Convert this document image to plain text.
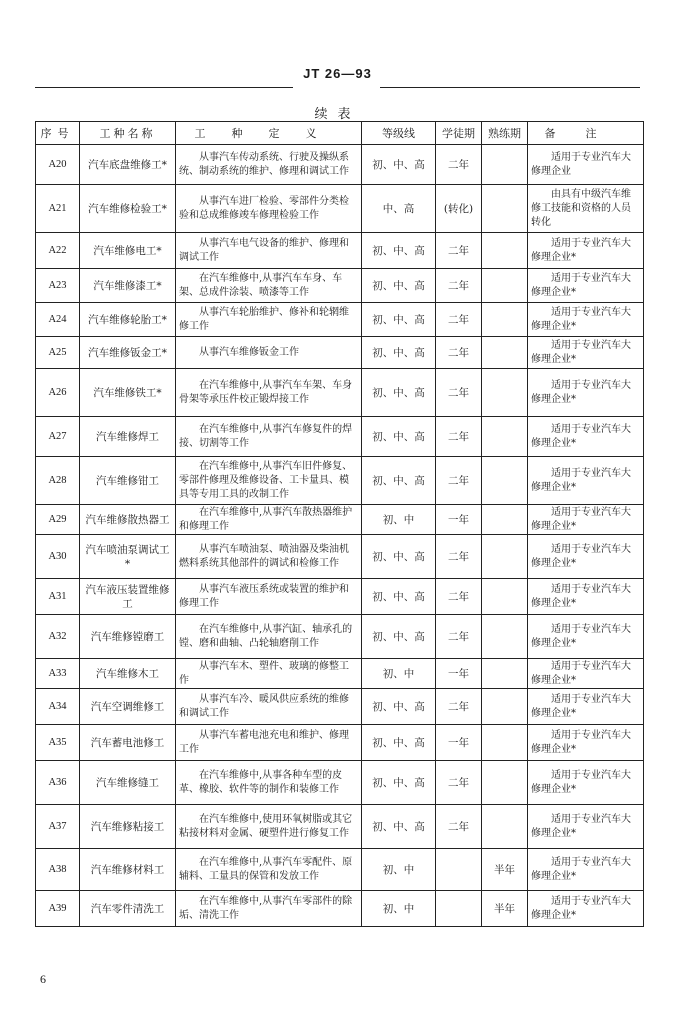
JT 26—93
续表
序号	工种名称	工种定义	等级线	学徒期	熟练期	备注
A20	汽车底盘维修工*	从事汽车传动系统、行驶及操纵系统、制动系统的维护、修理和调试工作	初、中、高	二年		适用于专业汽车大修理企业
A21	汽车维修检验工*	从事汽车进厂检验、零部件分类检验和总成维修竣车修理检验工作	中、高	(转化)		由具有中级汽车维修工技能和资格的人员转化
A22	汽车维修电工*	从事汽车电气设备的维护、修理和调试工作	初、中、高	二年		适用于专业汽车大修理企业*
A23	汽车维修漆工*	在汽车维修中,从事汽车车身、车架、总成件涂装、喷漆等工作	初、中、高	二年		适用于专业汽车大修理企业*
A24	汽车维修轮胎工*	从事汽车轮胎维护、修补和轮辋维修工作	初、中、高	二年		适用于专业汽车大修理企业*
A25	汽车维修钣金工*	从事汽车维修钣金工作	初、中、高	二年		适用于专业汽车大修理企业*
A26	汽车维修铁工*	在汽车维修中,从事汽车车架、车身骨架等承压件校正锻焊接工作	初、中、高	二年		适用于专业汽车大修理企业*
A27	汽车维修焊工	在汽车维修中,从事汽车修复件的焊接、切割等工作	初、中、高	二年		适用于专业汽车大修理企业*
A28	汽车维修钳工	在汽车维修中,从事汽车旧件修复、零部件修理及维修设备、工卡量具、模具等专用工具的改制工作	初、中、高	二年		适用于专业汽车大修理企业*
A29	汽车维修散热器工	在汽车维修中,从事汽车散热器维护和修理工作	初、中	一年		适用于专业汽车大修理企业*
A30	汽车喷油泵调试工*	从事汽车喷油泵、喷油器及柴油机燃料系统其他部件的调试和检修工作	初、中、高	二年		适用于专业汽车大修理企业*
A31	汽车液压装置维修工	从事汽车液压系统或装置的维护和修理工作	初、中、高	二年		适用于专业汽车大修理企业*
A32	汽车维修镗磨工	在汽车维修中,从事汽缸、轴承孔的镗、磨和曲轴、凸轮轴磨削工作	初、中、高	二年		适用于专业汽车大修理企业*
A33	汽车维修木工	从事汽车木、塑件、玻璃的修整工作	初、中	一年		适用于专业汽车大修理企业*
A34	汽车空调维修工	从事汽车冷、暖风供应系统的维修和调试工作	初、中、高	二年		适用于专业汽车大修理企业*
A35	汽车蓄电池修工	从事汽车蓄电池充电和维护、修理工作	初、中、高	一年		适用于专业汽车大修理企业*
A36	汽车维修缝工	在汽车维修中,从事各种车型的皮革、橡胶、软件等的制作和装修工作	初、中、高	二年		适用于专业汽车大修理企业*
A37	汽车维修粘接工	在汽车维修中,使用环氧树脂或其它粘接材料对金属、硬塑件进行修复工作	初、中、高	二年		适用于专业汽车大修理企业*
A38	汽车维修材料工	在汽车维修中,从事汽车零配件、原辅料、工量具的保管和发放工作	初、中		半年	适用于专业汽车大修理企业*
A39	汽车零件清洗工	在汽车维修中,从事汽车零部件的除垢、清洗工作	初、中		半年	适用于专业汽车大修理企业*
6
